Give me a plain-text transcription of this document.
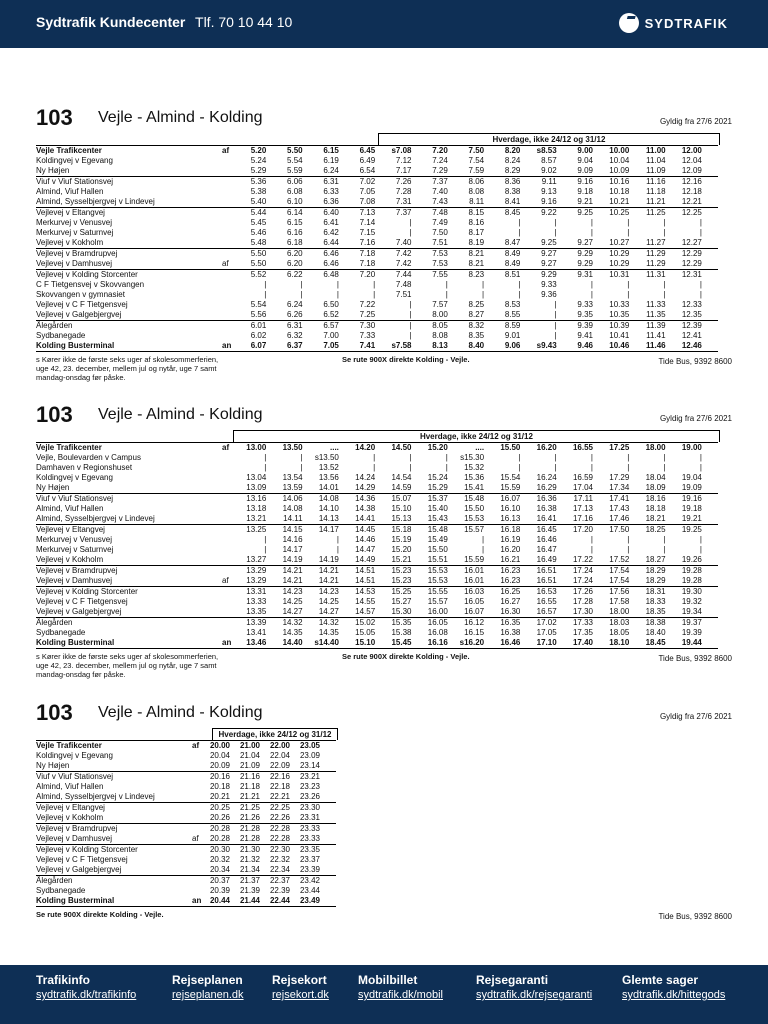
Sydtrafik Kundecenter Tlf. 70 10 44 10	SYDTRAFIK
103 Vejle - Almind - Kolding	Gyldig fra 27/6 2021
Hverdage, ikke 24/12 og 31/12
Vejle Trafikcenter	af	5.20	5.50	6.15	6.45	s7.08	7.20	7.50	8.20	s8.53	9.00	10.00	11.00	12.00
Koldingvej v Egevang	5.24	5.54	6.19	6.49	7.12	7.24	7.54	8.24	8.57	9.04	10.04	11.04	12.04
Ny Højen	5.29	5.59	6.24	6.54	7.17	7.29	7.59	8.29	9.02	9.09	10.09	11.09	12.09
Viuf v Viuf Stationsvej	5.36	6.06	6.31	7.02	7.26	7.37	8.06	8.36	9.11	9.16	10.16	11.16	12.16
Almind, Viuf Hallen	5.38	6.08	6.33	7.05	7.28	7.40	8.08	8.38	9.13	9.18	10.18	11.18	12.18
Almind, Sysselbjergvej v Lindevej	5.40	6.10	6.36	7.08	7.31	7.43	8.11	8.41	9.16	9.21	10.21	11.21	12.21
Vejlevej v Eltangvej	5.44	6.14	6.40	7.13	7.37	7.48	8.15	8.45	9.22	9.25	10.25	11.25	12.25
Merkurvej v Venusvej	5.45	6.15	6.41	7.14	|	7.49	8.16	|	|	|	|	|	|
Merkurvej v Saturnvej	5.46	6.16	6.42	7.15	|	7.50	8.17	|	|	|	|	|	|
Vejlevej v Kokholm	5.48	6.18	6.44	7.16	7.40	7.51	8.19	8.47	9.25	9.27	10.27	11.27	12.27
Vejlevej v Bramdrupvej	5.50	6.20	6.46	7.18	7.42	7.53	8.21	8.49	9.27	9.29	10.29	11.29	12.29
Vejlevej v Damhusvej	af	5.50	6.20	6.46	7.18	7.42	7.53	8.21	8.49	9.27	9.29	10.29	11.29	12.29
Vejlevej v Kolding Storcenter	5.52	6.22	6.48	7.20	7.44	7.55	8.23	8.51	9.29	9.31	10.31	11.31	12.31
C F Tietgensvej v Skovvangen	|	|	|	|	7.48	|	|	|	9.33	|	|	|	|
Skovvangen v gymnasiet	|	|	|	|	7.51	|	|	|	9.36	|	|	|	|
Vejlevej v C F Tietgensvej	5.54	6.24	6.50	7.22	|	7.57	8.25	8.53	|	9.33	10.33	11.33	12.33
Vejlevej v Galgebjergvej	5.56	6.26	6.52	7.25	|	8.00	8.27	8.55	|	9.35	10.35	11.35	12.35
Ålegården	6.01	6.31	6.57	7.30	|	8.05	8.32	8.59	|	9.39	10.39	11.39	12.39
Sydbanegade	6.02	6.32	7.00	7.33	|	8.08	8.35	9.01	|	9.41	10.41	11.41	12.41
Kolding Busterminal	an	6.07	6.37	7.05	7.41	s7.58	8.13	8.40	9.06	s9.43	9.46	10.46	11.46	12.46
s Kører ikke de første seks uger af skolesommerferien,
uge 42, 23. december, mellem jul og nytår, uge 7 samt
mandag-onsdag før påske.
Se rute 900X direkte Kolding - Vejle.	Tide Bus, 9392 8600
103 Vejle - Almind - Kolding	Gyldig fra 27/6 2021
Hverdage, ikke 24/12 og 31/12
Vejle Trafikcenter	af	13.00	13.50	....	14.20	14.50	15.20	....	15.50	16.20	16.55	17.25	18.00	19.00
Vejle, Boulevarden v Campus	|	|	s13.50	|	|	|	s15.30	|	|	|	|	|	|
Damhaven v Regionshuset	|	|	13.52	|	|	|	15.32	|	|	|	|	|	|
Koldingvej v Egevang	13.04	13.54	13.56	14.24	14.54	15.24	15.36	15.54	16.24	16.59	17.29	18.04	19.04
Ny Højen	13.09	13.59	14.01	14.29	14.59	15.29	15.41	15.59	16.29	17.04	17.34	18.09	19.09
Viuf v Viuf Stationsvej	13.16	14.06	14.08	14.36	15.07	15.37	15.48	16.07	16.36	17.11	17.41	18.16	19.16
Almind, Viuf Hallen	13.18	14.08	14.10	14.38	15.10	15.40	15.50	16.10	16.38	17.13	17.43	18.18	19.18
Almind, Sysselbjergvej v Lindevej	13.21	14.11	14.13	14.41	15.13	15.43	15.53	16.13	16.41	17.16	17.46	18.21	19.21
Vejlevej v Eltangvej	13.25	14.15	14.17	14.45	15.18	15.48	15.57	16.18	16.45	17.20	17.50	18.25	19.25
Merkurvej v Venusvej	|	14.16	|	14.46	15.19	15.49	|	16.19	16.46	|	|	|	|
Merkurvej v Saturnvej	|	14.17	|	14.47	15.20	15.50	|	16.20	16.47	|	|	|	|
Vejlevej v Kokholm	13.27	14.19	14.19	14.49	15.21	15.51	15.59	16.21	16.49	17.22	17.52	18.27	19.26
Vejlevej v Bramdrupvej	13.29	14.21	14.21	14.51	15.23	15.53	16.01	16.23	16.51	17.24	17.54	18.29	19.28
Vejlevej v Damhusvej	af	13.29	14.21	14.21	14.51	15.23	15.53	16.01	16.23	16.51	17.24	17.54	18.29	19.28
Vejlevej v Kolding Storcenter	13.31	14.23	14.23	14.53	15.25	15.55	16.03	16.25	16.53	17.26	17.56	18.31	19.30
Vejlevej v C F Tietgensvej	13.33	14.25	14.25	14.55	15.27	15.57	16.05	16.27	16.55	17.28	17.58	18.33	19.32
Vejlevej v Galgebjergvej	13.35	14.27	14.27	14.57	15.30	16.00	16.07	16.30	16.57	17.30	18.00	18.35	19.34
Ålegården	13.39	14.32	14.32	15.02	15.35	16.05	16.12	16.35	17.02	17.33	18.03	18.38	19.37
Sydbanegade	13.41	14.35	14.35	15.05	15.38	16.08	16.15	16.38	17.05	17.35	18.05	18.40	19.39
Kolding Busterminal	an	13.46	14.40	s14.40	15.10	15.45	16.16	s16.20	16.46	17.10	17.40	18.10	18.45	19.44
s Kører ikke de første seks uger af skolesommerferien,
uge 42, 23. december, mellem jul og nytår, uge 7 samt
mandag-onsdag før påske.
Se rute 900X direkte Kolding - Vejle.	Tide Bus, 9392 8600
103 Vejle - Almind - Kolding	Gyldig fra 27/6 2021
Hverdage, ikke 24/12 og 31/12
Vejle Trafikcenter	af	20.00	21.00	22.00	23.05
Koldingvej v Egevang	20.04	21.04	22.04	23.09
Ny Højen	20.09	21.09	22.09	23.14
Viuf v Viuf Stationsvej	20.16	21.16	22.16	23.21
Almind, Viuf Hallen	20.18	21.18	22.18	23.23
Almind, Sysselbjergvej v Lindevej	20.21	21.21	22.21	23.26
Vejlevej v Eltangvej	20.25	21.25	22.25	23.30
Vejlevej v Kokholm	20.26	21.26	22.26	23.31
Vejlevej v Bramdrupvej	20.28	21.28	22.28	23.33
Vejlevej v Damhusvej	af	20.28	21.28	22.28	23.33
Vejlevej v Kolding Storcenter	20.30	21.30	22.30	23.35
Vejlevej v C F Tietgensvej	20.32	21.32	22.32	23.37
Vejlevej v Galgebjergvej	20.34	21.34	22.34	23.39
Ålegården	20.37	21.37	22.37	23.42
Sydbanegade	20.39	21.39	22.39	23.44
Kolding Busterminal	an	20.44	21.44	22.44	23.49
Se rute 900X direkte Kolding - Vejle.	Tide Bus, 9392 8600
Trafikinfo
sydtrafik.dk/trafikinfo
Rejseplanen
rejseplanen.dk
Rejsekort
rejsekort.dk
Mobilbillet
sydtrafik.dk/mobil
Rejsegaranti
sydtrafik.dk/rejsegaranti
Glemte sager
sydtrafik.dk/hittegods
